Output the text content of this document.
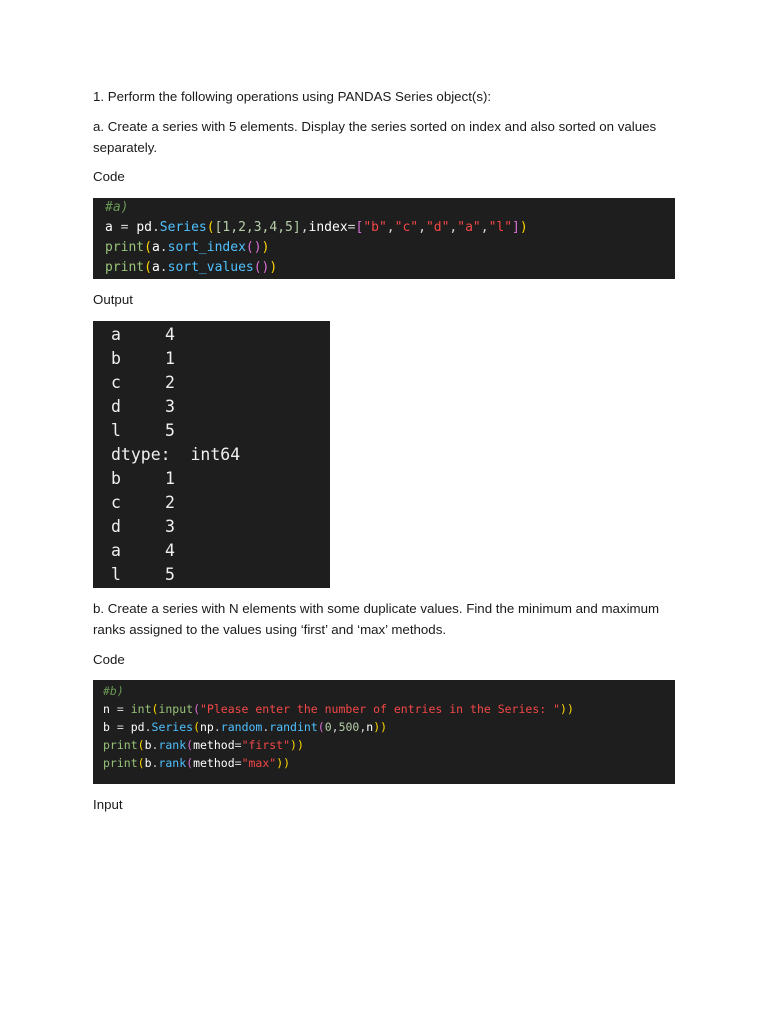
1. Perform the following operations using PANDAS Series object(s):

a. Create a series with 5 elements. Display the series sorted on index and also sorted on values separately.

Code

#a)
a = pd.Series([1,2,3,4,5],index=["b","c","d","a","l"])
print(a.sort_index())
print(a.sort_values())

Output

a	4
b	1
c	2
d	3
l	5
dtype:  int64
b	1
c	2
d	3
a	4
l	5

b. Create a series with N elements with some duplicate values. Find the minimum and maximum ranks assigned to the values using ‘first’ and ‘max’ methods.

Code

#b)
n = int(input("Please enter the number of entries in the Series: "))
b = pd.Series(np.random.randint(0,500,n))
print(b.rank(method="first"))
print(b.rank(method="max"))

Input
